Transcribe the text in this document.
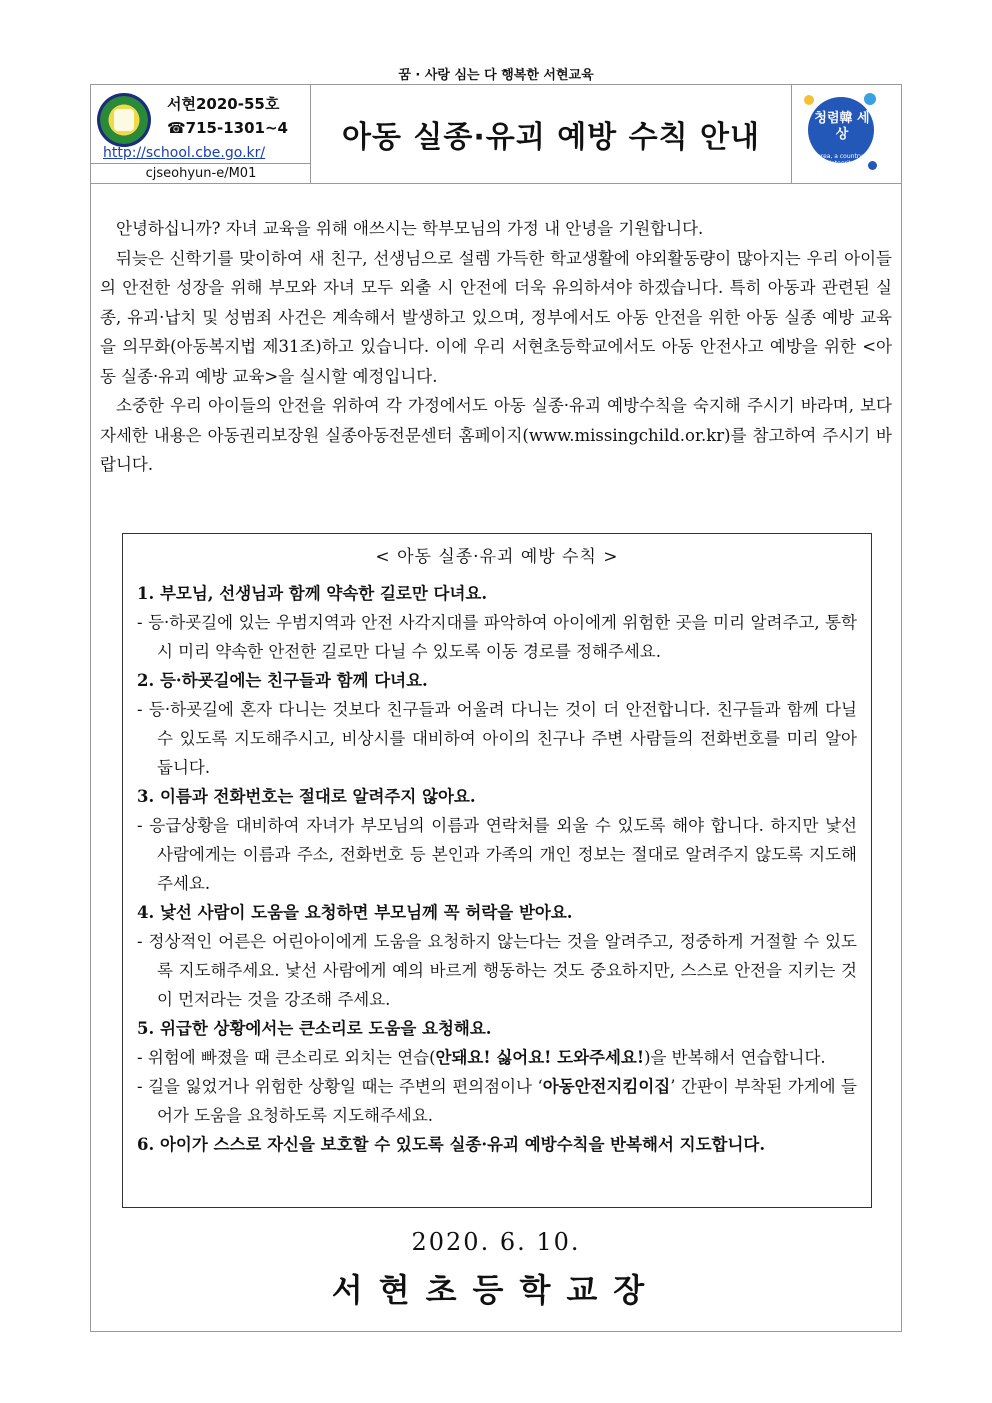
꿈 · 사랑 심는 다 행복한 서현교육
서현2020-55호
☎715-1301~4
http://school.cbe.go.kr/
cjseohyun-e/M01
아동 실종·유괴 예방 수칙 안내
청렴韓 세상
Korea, a country of integrity

안녕하십니까? 자녀 교육을 위해 애쓰시는 학부모님의 가정 내 안녕을 기원합니다.

뒤늦은 신학기를 맞이하여 새 친구, 선생님으로 설렘 가득한 학교생활에 야외활동량이 많아지는 우리 아이들의 안전한 성장을 위해 부모와 자녀 모두 외출 시 안전에 더욱 유의하셔야 하겠습니다. 특히 아동과 관련된 실종, 유괴·납치 및 성범죄 사건은 계속해서 발생하고 있으며, 정부에서도 아동 안전을 위한 아동 실종 예방 교육을 의무화(아동복지법 제31조)하고 있습니다. 이에 우리 서현초등학교에서도 아동 안전사고 예방을 위한 <아동 실종·유괴 예방 교육>을 실시할 예정입니다.

소중한 우리 아이들의 안전을 위하여 각 가정에서도 아동 실종·유괴 예방수칙을 숙지해 주시기 바라며, 보다 자세한 내용은 아동권리보장원 실종아동전문센터 홈페이지(www.missingchild.or.kr)를 참고하여 주시기 바랍니다.

< 아동 실종·유괴 예방 수칙 >

1. 부모님, 선생님과 함께 약속한 길로만 다녀요.

- 등·하굣길에 있는 우범지역과 안전 사각지대를 파악하여 아이에게 위험한 곳을 미리 알려주고, 통학 시 미리 약속한 안전한 길로만 다닐 수 있도록 이동 경로를 정해주세요.

2. 등·하굣길에는 친구들과 함께 다녀요.

- 등·하굣길에 혼자 다니는 것보다 친구들과 어울려 다니는 것이 더 안전합니다. 친구들과 함께 다닐 수 있도록 지도해주시고, 비상시를 대비하여 아이의 친구나 주변 사람들의 전화번호를 미리 알아둡니다.

3. 이름과 전화번호는 절대로 알려주지 않아요.

- 응급상황을 대비하여 자녀가 부모님의 이름과 연락처를 외울 수 있도록 해야 합니다. 하지만 낯선 사람에게는 이름과 주소, 전화번호 등 본인과 가족의 개인 정보는 절대로 알려주지 않도록 지도해주세요.

4. 낯선 사람이 도움을 요청하면 부모님께 꼭 허락을 받아요.

- 정상적인 어른은 어린아이에게 도움을 요청하지 않는다는 것을 알려주고, 정중하게 거절할 수 있도록 지도해주세요. 낯선 사람에게 예의 바르게 행동하는 것도 중요하지만, 스스로 안전을 지키는 것이 먼저라는 것을 강조해 주세요.

5. 위급한 상황에서는 큰소리로 도움을 요청해요.

- 위험에 빠졌을 때 큰소리로 외치는 연습(안돼요! 싫어요! 도와주세요!)을 반복해서 연습합니다.

- 길을 잃었거나 위험한 상황일 때는 주변의 편의점이나 ‘아동안전지킴이집’ 간판이 부착된 가게에 들어가 도움을 요청하도록 지도해주세요.

6. 아이가 스스로 자신을 보호할 수 있도록 실종·유괴 예방수칙을 반복해서 지도합니다.

2020. 6. 10.
서현초등학교장
